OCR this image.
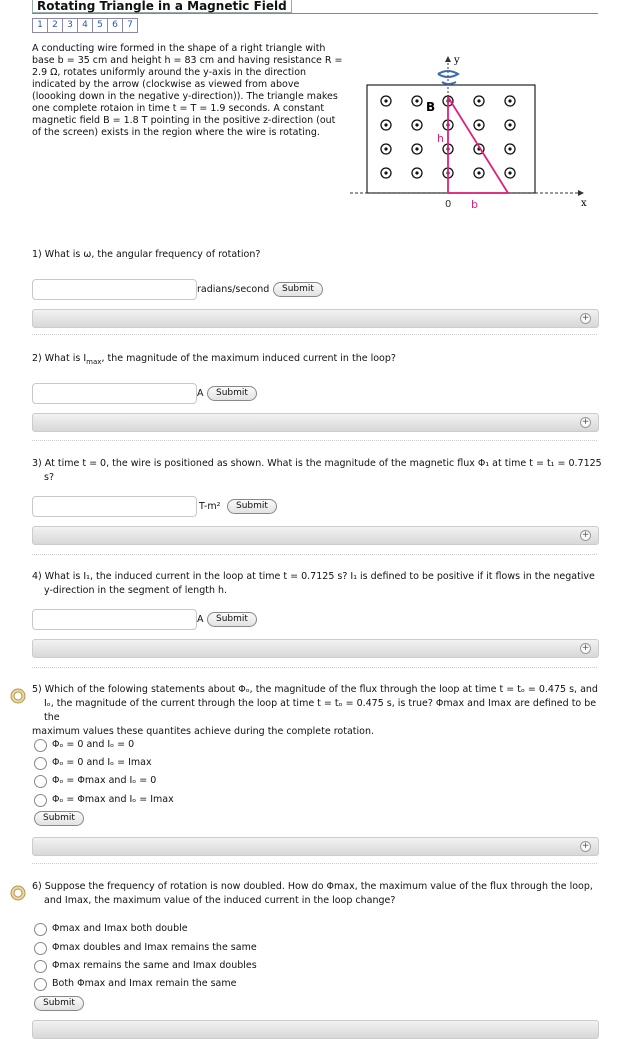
Rotating Triangle in a Magnetic Field
1	2	3	4	5	6	7
A conducting wire formed in the shape of a right triangle with base b = 35 cm and height h = 83 cm and having resistance R = 2.9 Ω, rotates uniformly around the y-axis in the direction indicated by the arrow (clockwise as viewed from above (loooking down in the negative y-direction)). The triangle makes one complete rotaion in time t = T = 1.9 seconds. A constant magnetic field B = 1.8 T pointing in the positive z-direction (out of the screen) exists in the region where the wire is rotating.
y
x
B
h
0 b
1) What is ω, the angular frequency of rotation?
radians/second	Submit
+
2) What is $I_{max}$, the magnitude of the maximum induced current in the loop?
A	Submit
+
3) At time t = 0, the wire is positioned as shown. What is the magnitude of the magnetic flux Φ₁ at time t = t₁ = 0.7125
s?
T-m²	Submit
+
4) What is I₁, the induced current in the loop at time t = 0.7125 s? I₁ is defined to be positive if it flows in the negative
y-direction in the segment of length h.
A	Submit
+
5) Which of the folowing statements about Φₒ, the magnitude of the flux through the loop at time t = tₒ = 0.475 s, and
Iₒ, the magnitude of the current through the loop at time t = tₒ = 0.475 s, is true? Φmax and Imax are defined to be the
maximum values these quantites achieve during the complete rotation.
Φₒ = 0 and Iₒ = 0
Φₒ = 0 and Iₒ = Imax
Φₒ = Φmax and Iₒ = 0
Φₒ = Φmax and Iₒ = Imax
Submit
+
6) Suppose the frequency of rotation is now doubled. How do Φmax, the maximum value of the flux through the loop,
and Imax, the maximum value of the induced current in the loop change?
Φmax and Imax both double
Φmax doubles and Imax remains the same
Φmax remains the same and Imax doubles
Both Φmax and Imax remain the same
Submit
